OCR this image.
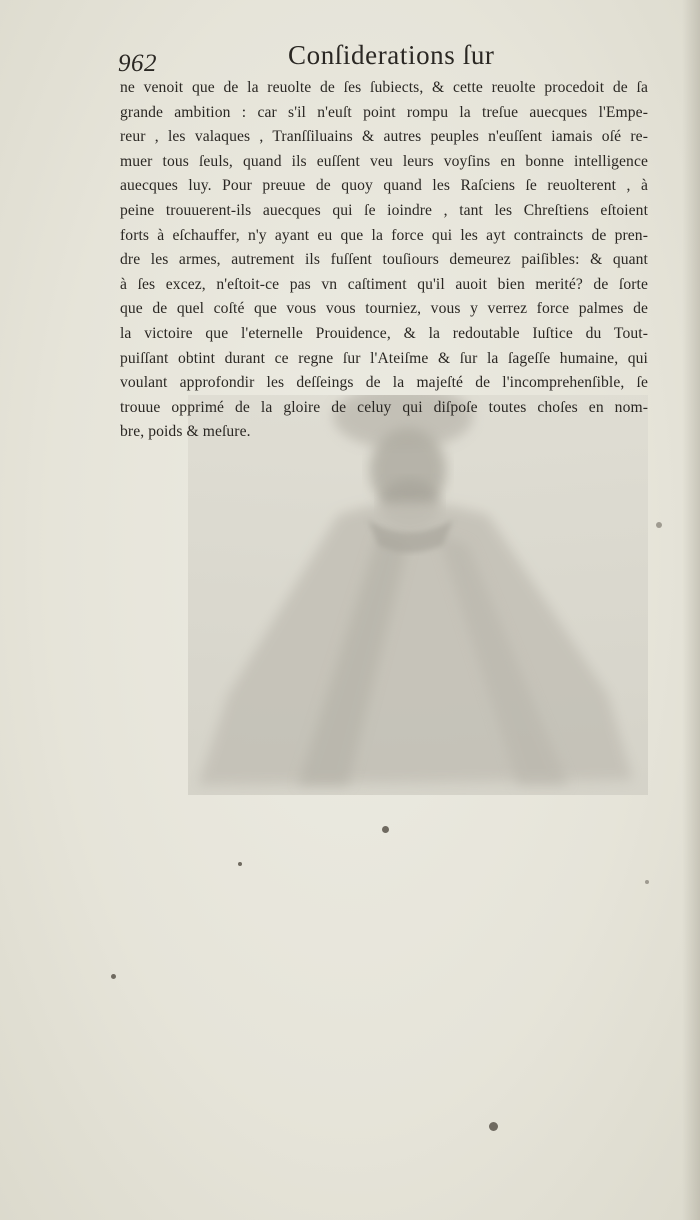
962	Conſiderations ſur
ne venoit que de la reuolte de ſes ſubiects, & cette reuolte procedoit de ſa
grande ambition : car s'il n'euſt point rompu la treſue auecques l'Empe-
reur , les valaques , Tranſſiluains & autres peuples n'euſſent iamais oſé re-
muer tous ſeuls, quand ils euſſent veu leurs voyſins en bonne intelligence
auecques luy. Pour preuue de quoy quand les Raſciens ſe reuolterent , à
peine trouuerent-ils auecques qui ſe ioindre , tant les Chreſtiens eſtoient
forts à eſchauffer, n'y ayant eu que la force qui les ayt contraincts de pren-
dre les armes, autrement ils fuſſent touſiours demeurez paiſibles: & quant
à ſes excez, n'eſtoit-ce pas vn caſtiment qu'il auoit bien merité? de ſorte
que de quel coſté que vous vous tourniez, vous y verrez force palmes de
la victoire que l'eternelle Prouidence, & la redoutable Iuſtice du Tout-
puiſſant obtint durant ce regne ſur l'Ateiſme & ſur la ſageſſe humaine, qui
voulant approfondir les deſſeings de la majeſté de l'incomprehenſible, ſe
trouue opprimé de la gloire de celuy qui diſpoſe toutes choſes en nom-
bre, poids & meſure.
